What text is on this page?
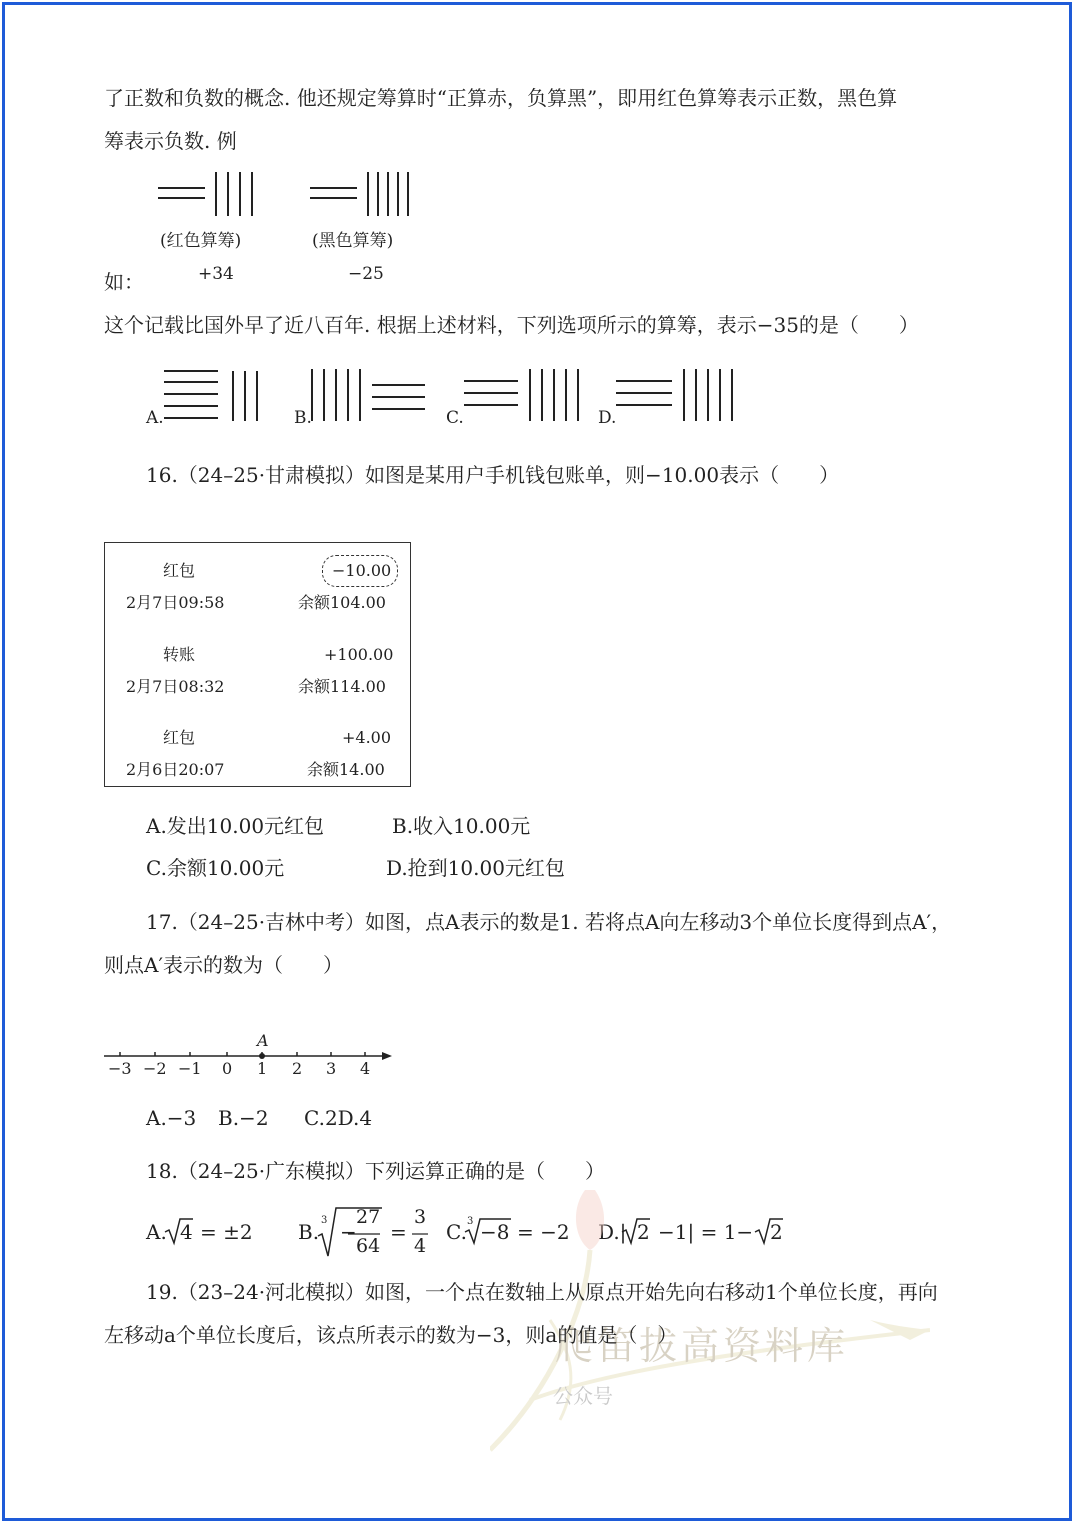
了正数和负数的概念. 他还规定筹算时“正算赤，负算黑”，即用红色算筹表示正数，黑色算
筹表示负数. 例
(红色算筹)	(黑色算筹)
如：	+34	−25
这个记载比国外早了近八百年. 根据上述材料，下列选项所示的算筹，表示−35的是（　　）
A.	B.	C.	D.
16.（24–25·甘肃模拟）如图是某用户手机钱包账单，则−10.00表示（　　）
红包	−10.00
2月7日09:58	余额104.00
转账	+100.00
2月7日08:32	余额114.00
红包	+4.00
2月6日20:07	余额14.00
A.发出10.00元红包	B.收入10.00元
C.余额10.00元	D.抢到10.00元红包
17.（24–25·吉林中考）如图，点A表示的数是1. 若将点A向左移动3个单位长度得到点A′，
则点A′表示的数为（　　）
A
−3 −2 −1 0 1 2 3 4
A.−3 B.−2 C.2D.4
18.（24–25·广东模拟）下列运算正确的是（　　）
A. 4 = ±2 B. 3 −
27
64
=
3
4
C. 3 −8 = −2 D.| 2 −1| = 1− 2
爬笛拔高资料库
公众号
19.（23–24·河北模拟）如图，一个点在数轴上从原点开始先向右移动1个单位长度，再向
左移动a个单位长度后，该点所表示的数为−3，则a的值是（　）
